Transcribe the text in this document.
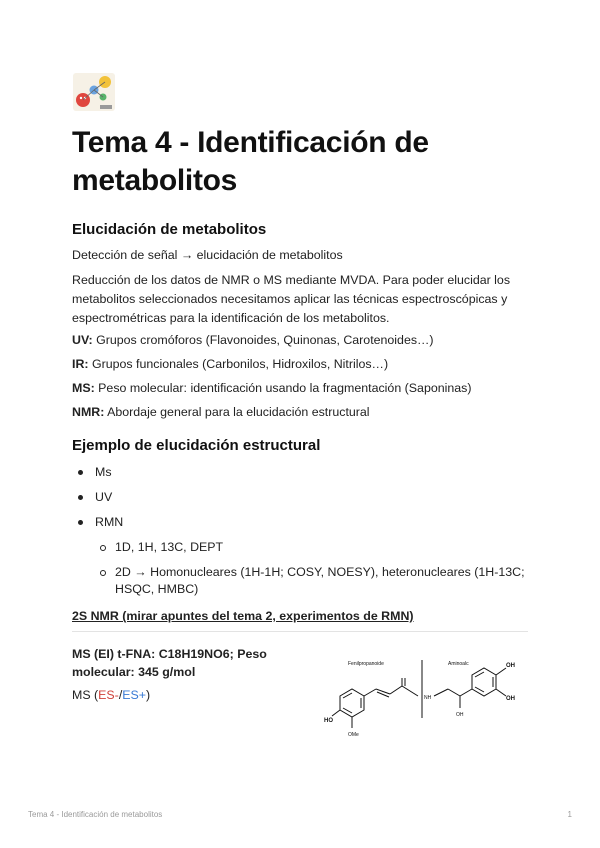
Tema 4 - Identificación de metabolitos
Elucidación de metabolitos
Detección de señal → elucidación de metabolitos
Reducción de los datos de NMR o MS mediante MVDA. Para poder elucidar los metabolitos seleccionados necesitamos aplicar las técnicas espectroscópicas y espectrométricas para la identificación de los metabolitos.
UV: Grupos cromóforos (Flavonoides, Quinonas, Carotenoides…)
IR: Grupos funcionales (Carbonilos, Hidroxilos, Nitrilos…)
MS: Peso molecular: identificación usando la fragmentación (Saponinas)
NMR: Abordaje general para la elucidación estructural
Ejemplo de elucidación estructural
Ms
UV
RMN
1D, 1H, 13C, DEPT
2D → Homonucleares (1H-1H; COSY, NOESY), heteronucleares (1H-13C; HSQC, HMBC)
2S NMR (mirar apuntes del tema 2, experimentos de RMN)
MS (EI) t-FNA: C18H19NO6; Peso molecular: 345 g/mol
MS (ES-/ES+)
Fenilpropanoide	Aminoalc
HO
OMe
NH
OH
OH
OH
Tema 4 - Identificación de metabolitos	1
